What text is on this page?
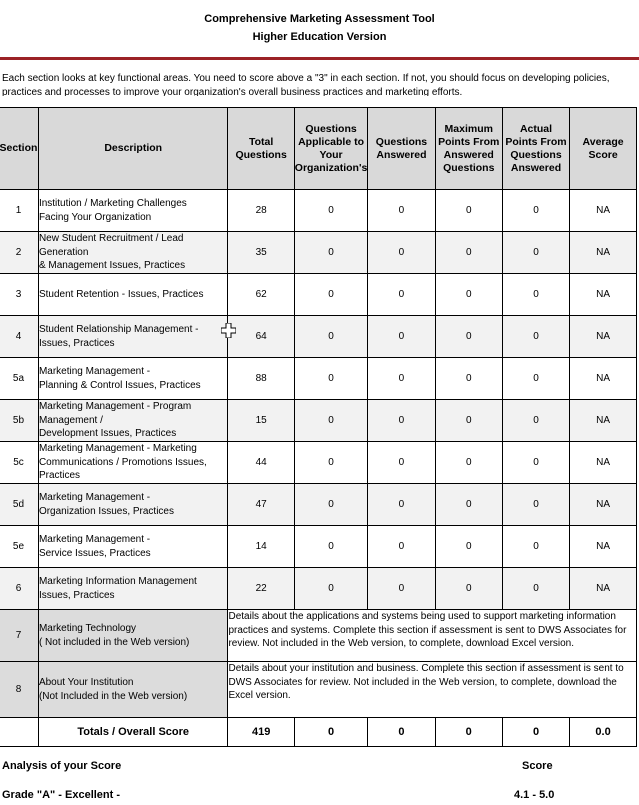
Comprehensive Marketing Assessment Tool
Higher Education Version
Each section looks at key functional areas. You need to score above a "3" in each section. If not, you should focus on developing policies, practices and processes to improve your organization's overall business practices and marketing efforts.
Section	Description	Total Questions	Questions Applicable to Your Organization's	Questions Answered	Maximum Points From Answered Questions	Actual Points From Questions Answered	Average Score
1	Institution / Marketing Challenges
Facing Your Organization	28	0	0	0	0	NA
2	New Student Recruitment / Lead Generation
& Management Issues, Practices	35	0	0	0	0	NA
3	Student Retention - Issues, Practices	62	0	0	0	0	NA
4	Student Relationship Management - Issues, Practices	64	0	0	0	0	NA
5a	Marketing Management -
Planning & Control Issues, Practices	88	0	0	0	0	NA
5b	Marketing Management - Program Management /
Development Issues, Practices	15	0	0	0	0	NA
5c	Marketing Management - Marketing Communications / Promotions Issues, Practices	44	0	0	0	0	NA
5d	Marketing Management -
Organization Issues, Practices	47	0	0	0	0	NA
5e	Marketing Management -
Service Issues, Practices	14	0	0	0	0	NA
6	Marketing Information Management Issues, Practices	22	0	0	0	0	NA
7	Marketing Technology
( Not included in the Web version)	Details about the applications and systems being used to support marketing information practices and systems. Complete this section if assessment is sent to DWS Associates for review. Not included in the Web version, to complete, download Excel version.					
8	About Your Institution
(Not Included in the Web version)	Details about your institution and business. Complete this section if assessment is sent to DWS Associates for review. Not included in the Web version, to complete, download the Excel version.					
	Totals / Overall Score	419	0	0	0	0	0.0
Analysis of your Score	Score
Grade "A" - Excellent -	4.1 - 5.0
